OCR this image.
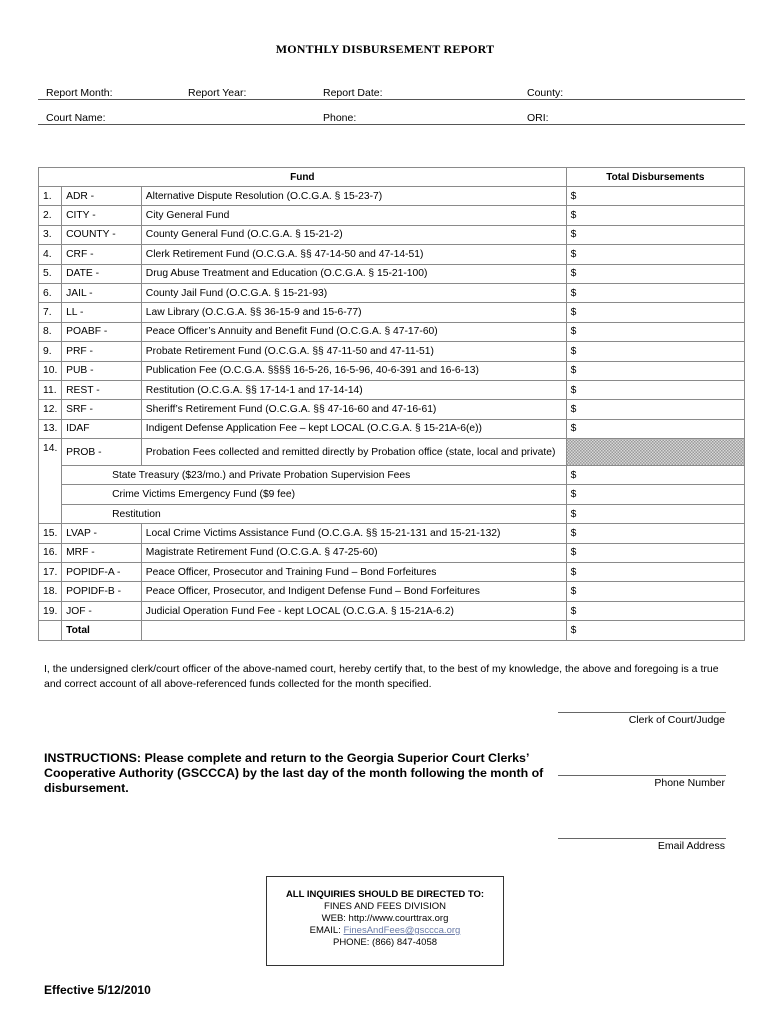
MONTHLY DISBURSEMENT REPORT
Report Month:	Report Year:	Report Date:	County:
Court Name:	Phone:	ORI:
Fund			Total Disbursements
1.	ADR -	Alternative Dispute Resolution (O.C.G.A. § 15-23-7)	$
2.	CITY -	City General Fund	$
3.	COUNTY -	County General Fund (O.C.G.A. § 15-21-2)	$
4.	CRF -	Clerk Retirement Fund (O.C.G.A. §§ 47-14-50 and 47-14-51)	$
5.	DATE -	Drug Abuse Treatment and Education (O.C.G.A. § 15-21-100)	$
6.	JAIL -	County Jail Fund (O.C.G.A. § 15-21-93)	$
7.	LL -	Law Library (O.C.G.A. §§ 36-15-9 and 15-6-77)	$
8.	POABF -	Peace Officer’s Annuity and Benefit Fund (O.C.G.A. § 47-17-60)	$
9.	PRF -	Probate Retirement Fund (O.C.G.A. §§ 47-11-50 and 47-11-51)	$
10.	PUB -	Publication Fee (O.C.G.A. §§§§ 16-5-26, 16-5-96, 40-6-391 and 16-6-13)	$
11.	REST -	Restitution (O.C.G.A. §§ 17-14-1 and 17-14-14)	$
12.	SRF -	Sheriff’s Retirement Fund (O.C.G.A. §§ 47-16-60 and 47-16-61)	$
13.	IDAF	Indigent Defense Application Fee – kept LOCAL (O.C.G.A. § 15-21A-6(e))	$
14.	PROB -	Probation Fees collected and remitted directly by Probation office (state, local and private)	
	State Treasury ($23/mo.) and Private Probation Supervision Fees		$
	Crime Victims Emergency Fund ($9 fee)		$
	Restitution		$
15.	LVAP -	Local Crime Victims Assistance Fund (O.C.G.A. §§ 15-21-131 and 15-21-132)	$
16.	MRF -	Magistrate Retirement Fund (O.C.G.A. § 47-25-60)	$
17.	POPIDF-A -	Peace Officer, Prosecutor and Training Fund – Bond Forfeitures	$
18.	POPIDF-B -	Peace Officer, Prosecutor, and Indigent Defense Fund – Bond Forfeitures	$
19.	JOF -	Judicial Operation Fund Fee - kept LOCAL (O.C.G.A. § 15-21A-6.2)	$
	Total		$
I, the undersigned clerk/court officer of the above-named court, hereby certify that, to the best of my knowledge, the above and foregoing is a true and correct account of all above-referenced funds collected for the month specified.
Clerk of Court/Judge
INSTRUCTIONS: Please complete and return to the Georgia Superior Court Clerks’ Cooperative Authority (GSCCCA) by the last day of the month following the month of disbursement.	Phone Number
Email Address
ALL INQUIRIES SHOULD BE DIRECTED TO:
FINES AND FEES DIVISION
WEB: http://www.courttrax.org
EMAIL: FinesAndFees@gsccca.org
PHONE: (866) 847-4058
Effective 5/12/2010
